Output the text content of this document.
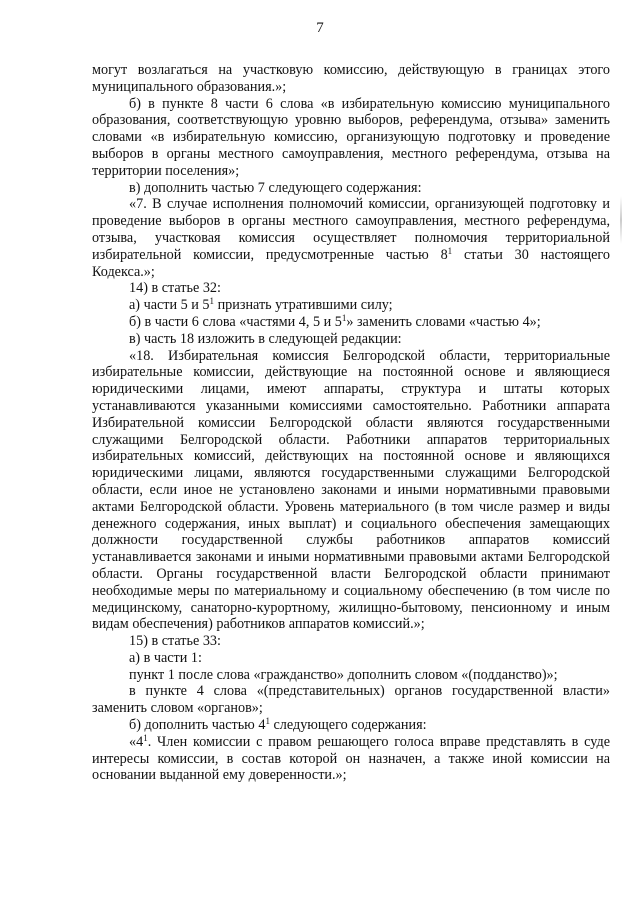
7

могут возлагаться на участковую комиссию, действующую в границах этого муниципального образования.»;

б) в пункте 8 части 6 слова «в избирательную комиссию муниципального образования, соответствующую уровню выборов, референдума, отзыва» заменить словами «в избирательную комиссию, организующую подготовку и проведение выборов в органы местного самоуправления, местного референдума, отзыва на территории поселения»;

в) дополнить частью 7 следующего содержания:

«7. В случае исполнения полномочий комиссии, организующей подготовку и проведение выборов в органы местного самоуправления, местного референдума, отзыва, участковая комиссия осуществляет полномочия территориальной избирательной комиссии, предусмотренные частью $8^1$ статьи 30 настоящего Кодекса.»;

14) в статье 32:

а) части 5 и $5^1$ признать утратившими силу;

б) в части 6 слова «частями 4, 5 и $5^1$» заменить словами «частью 4»;

в) часть 18 изложить в следующей редакции:

«18. Избирательная комиссия Белгородской области, территориальные избирательные комиссии, действующие на постоянной основе и являющиеся юридическими лицами, имеют аппараты, структура и штаты которых устанавливаются указанными комиссиями самостоятельно. Работники аппарата Избирательной комиссии Белгородской области являются государственными служащими Белгородской области. Работники аппаратов территориальных избирательных комиссий, действующих на постоянной основе и являющихся юридическими лицами, являются государственными служащими Белгородской области, если иное не установлено законами и иными нормативными правовыми актами Белгородской области. Уровень материального (в том числе размер и виды денежного содержания, иных выплат) и социального обеспечения замещающих должности государственной службы работников аппаратов комиссий устанавливается законами и иными нормативными правовыми актами Белгородской области. Органы государственной власти Белгородской области принимают необходимые меры по материальному и социальному обеспечению (в том числе по медицинскому, санаторно-курортному, жилищно-бытовому, пенсионному и иным видам обеспечения) работников аппаратов комиссий.»;

15) в статье 33:

а) в части 1:

пункт 1 после слова «гражданство» дополнить словом «(подданство)»;

в пункте 4 слова «(представительных) органов государственной власти» заменить словом «органов»;

б) дополнить частью $4^1$ следующего содержания:

«$4^1$. Член комиссии с правом решающего голоса вправе представлять в суде интересы комиссии, в состав которой он назначен, а также иной комиссии на основании выданной ему доверенности.»;
